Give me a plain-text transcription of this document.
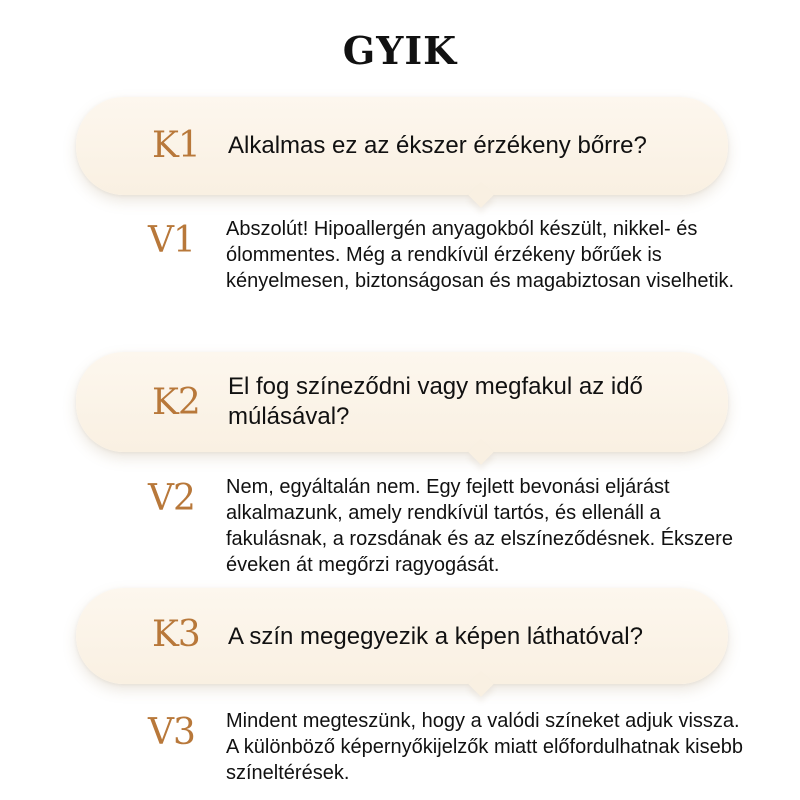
GYIK
K1	Alkalmas ez az ékszer érzékeny bőrre?
V1 Abszolút! Hipoallergén anyagokból készült, nikkel- és ólommentes. Még a rendkívül érzékeny bőrűek is kényelmesen, biztonságosan és magabiztosan viselhetik.
K2	El fog színeződni vagy megfakul az idő múlásával?
V2 Nem, egyáltalán nem. Egy fejlett bevonási eljárást alkalmazunk, amely rendkívül tartós, és ellenáll a fakulásnak, a rozsdának és az elszíneződésnek. Ékszere éveken át megőrzi ragyogását.
K3	A szín megegyezik a képen láthatóval?
V3 Mindent megteszünk, hogy a valódi színeket adjuk vissza. A különböző képernyőkijelzők miatt előfordulhatnak kisebb színeltérések.
